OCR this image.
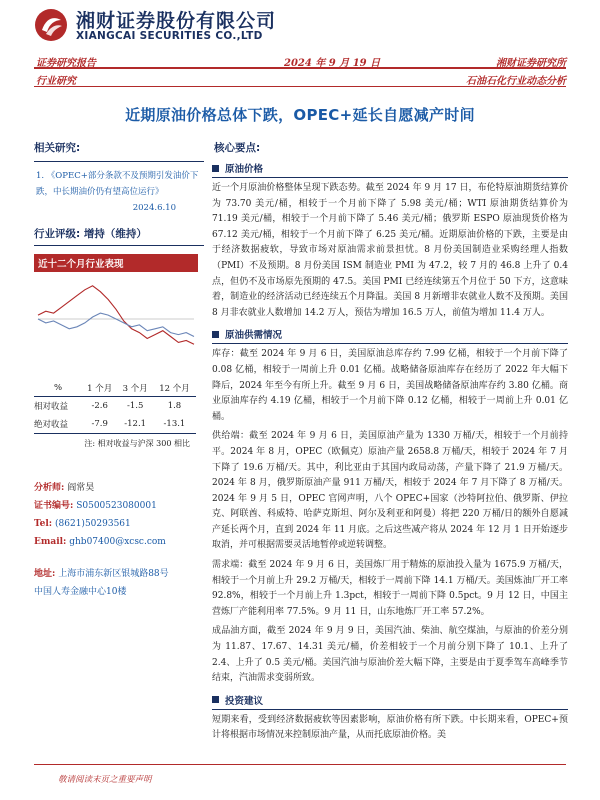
湘财证券股份有限公司
XIANGCAI SECURITIES CO.,LTD
证券研究报告	2024 年 9 月 19 日	湘财证券研究所
行业研究	石油石化行业动态分析
近期原油价格总体下跌，OPEC+延长自愿减产时间
相关研究:
1. 《OPEC+部分条款不及预期引发油价下跌，中长期油价仍有望高位运行》
2024.6.10
行业评级: 增持（维持）
近十二个月行业表现
%	1 个月	3 个月	12 个月
相对收益	-2.6	-1.5	1.8
绝对收益	-7.9	-12.1	-13.1
注: 相对收益与沪深 300 相比
分析师: 阎常昊
证书编号: S0500523080001
Tel: (8621)50293561
Email: ghb07400@xcsc.com
地址: 上海市浦东新区银城路88号
中国人寿金融中心10楼
核心要点:
原油价格
近一个月原油价格整体呈现下跌态势。截至 2024 年 9 月 17 日，布伦特原油期货结算价为 73.70 美元/桶，相较于一个月前下降了 5.98 美元/桶；WTI 原油期货结算价为 71.19 美元/桶，相较于一个月前下降了 5.46 美元/桶；俄罗斯 ESPO 原油现货价格为 67.12 美元/桶，相较于一个月前下降了 6.25 美元/桶。近期原油价格的下跌，主要是由于经济数据疲软，导致市场对原油需求前景担忧。8 月份美国制造业采购经理人指数（PMI）不及预期。8 月份美国 ISM 制造业 PMI 为 47.2，较 7 月的 46.8 上升了 0.4 点，但仍不及市场原先预期的 47.5。美国 PMI 已经连续第五个月位于 50 下方，这意味着，制造业的经济活动已经连续五个月降温。美国 8 月新增非农就业人数不及预期。美国 8 月非农就业人数增加 14.2 万人，预估为增加 16.5 万人，前值为增加 11.4 万人。
原油供需情况
库存：截至 2024 年 9 月 6 日，美国原油总库存约 7.99 亿桶，相较于一个月前下降了 0.08 亿桶，相较于一周前上升 0.01 亿桶。战略储备原油库存在经历了 2022 年大幅下降后，2024 年至今有所上升。截至 9 月 6 日，美国战略储备原油库存约 3.80 亿桶。商业原油库存约 4.19 亿桶，相较于一个月前下降 0.12 亿桶，相较于一周前上升 0.01 亿桶。
供给端：截至 2024 年 9 月 6 日，美国原油产量为 1330 万桶/天，相较于一个月前持平。2024 年 8 月，OPEC（欧佩克）原油产量 2658.8 万桶/天，相较于 2024 年 7 月下降了 19.6 万桶/天。其中，利比亚由于其国内政局动荡，产量下降了 21.9 万桶/天。2024 年 8 月，俄罗斯原油产量 911 万桶/天，相较于 2024 年 7 月下降了 8 万桶/天。2024 年 9 月 5 日，OPEC 官网声明，八个 OPEC+国家（沙特阿拉伯、俄罗斯、伊拉克、阿联酋、科威特、哈萨克斯坦、阿尔及利亚和阿曼）将把 220 万桶/日的额外自愿减产延长两个月，直到 2024 年 11 月底。之后这些减产将从 2024 年 12 月 1 日开始逐步取消，并可根据需要灵活地暂停或逆转调整。
需求端：截至 2024 年 9 月 6 日，美国炼厂用于精炼的原油投入量为 1675.9 万桶/天，相较于一个月前上升 29.2 万桶/天，相较于一周前下降 14.1 万桶/天。美国炼油厂开工率 92.8%，相较于一个月前上升 1.3pct，相较于一周前下降 0.5pct。9 月 12 日，中国主营炼厂产能利用率 77.5%。9 月 11 日，山东地炼厂开工率 57.2%。
成品油方面，截至 2024 年 9 月 9 日，美国汽油、柴油、航空煤油，与原油的价差分别为 11.87、17.67、14.31 美元/桶，价差相较于一个月前分别下降了 10.1、上升了 2.4、上升了 0.5 美元/桶。美国汽油与原油价差大幅下降，主要是由于夏季驾车高峰季节结束，汽油需求变弱所致。
投资建议
短期来看，受到经济数据疲软等因素影响，原油价格有所下跌。中长期来看，OPEC+预计将根据市场情况来控制原油产量，从而托底原油价格。美
敬请阅读末页之重要声明
